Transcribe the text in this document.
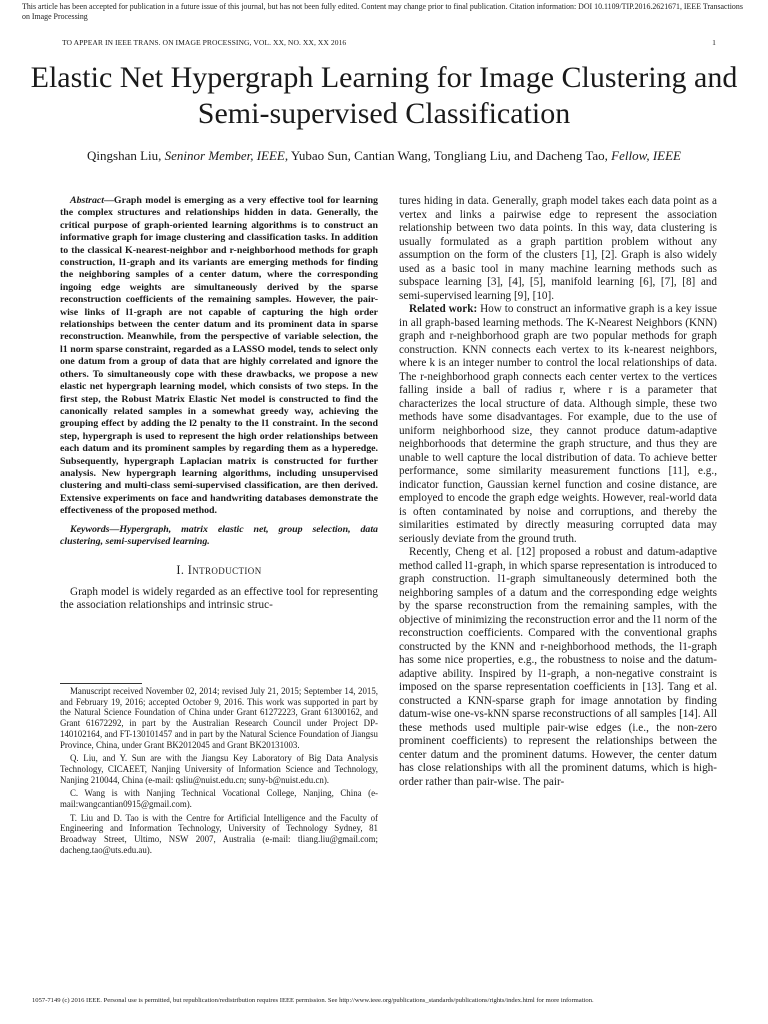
This article has been accepted for publication in a future issue of this journal, but has not been fully edited. Content may change prior to final publication. Citation information: DOI 10.1109/TIP.2016.2621671, IEEE Transactions on Image Processing
TO APPEAR IN IEEE TRANS. ON IMAGE PROCESSING, VOL. XX, NO. XX, XX 2016	1
Elastic Net Hypergraph Learning for Image Clustering and Semi-supervised Classification
Qingshan Liu, Seninor Member, IEEE, Yubao Sun, Cantian Wang, Tongliang Liu, and Dacheng Tao, Fellow, IEEE

Abstract—Graph model is emerging as a very effective tool for learning the complex structures and relationships hidden in data. Generally, the critical purpose of graph-oriented learning algorithms is to construct an informative graph for image clustering and classification tasks. In addition to the classical K-nearest-neighbor and r-neighborhood methods for graph construction, l1-graph and its variants are emerging methods for finding the neighboring samples of a center datum, where the corresponding ingoing edge weights are simultaneously derived by the sparse reconstruction coefficients of the remaining samples. However, the pair-wise links of l1-graph are not capable of capturing the high order relationships between the center datum and its prominent data in sparse reconstruction. Meanwhile, from the perspective of variable selection, the l1 norm sparse constraint, regarded as a LASSO model, tends to select only one datum from a group of data that are highly correlated and ignore the others. To simultaneously cope with these drawbacks, we propose a new elastic net hypergraph learning model, which consists of two steps. In the first step, the Robust Matrix Elastic Net model is constructed to find the canonically related samples in a somewhat greedy way, achieving the grouping effect by adding the l2 penalty to the l1 constraint. In the second step, hypergraph is used to represent the high order relationships between each datum and its prominent samples by regarding them as a hyperedge. Subsequently, hypergraph Laplacian matrix is constructed for further analysis. New hypergraph learning algorithms, including unsupervised clustering and multi-class semi-supervised classification, are then derived. Extensive experiments on face and handwriting databases demonstrate the effectiveness of the proposed method.

Keywords—Hypergraph, matrix elastic net, group selection, data clustering, semi-supervised learning.

I. Introduction

Graph model is widely regarded as an effective tool for representing the association relationships and intrinsic struc-

Manuscript received November 02, 2014; revised July 21, 2015; September 14, 2015, and February 19, 2016; accepted October 9, 2016. This work was supported in part by the Natural Science Foundation of China under Grant 61272223, Grant 61300162, and Grant 61672292, in part by the Australian Research Council under Project DP-140102164, and FT-130101457 and in part by the Natural Science Foundation of Jiangsu Province, China, under Grant BK2012045 and Grant BK20131003.

Q. Liu, and Y. Sun are with the Jiangsu Key Laboratory of Big Data Analysis Technology, CICAEET, Nanjing University of Information Science and Technology, Nanjing 210044, China (e-mail: qsliu@nuist.edu.cn; suny-b@nuist.edu.cn).

C. Wang is with Nanjing Technical Vocational College, Nanjing, China (e-mail:wangcantian0915@gmail.com).

T. Liu and D. Tao is with the Centre for Artificial Intelligence and the Faculty of Engineering and Information Technology, University of Technology Sydney, 81 Broadway Street, Ultimo, NSW 2007, Australia (e-mail: tliang.liu@gmail.com; dacheng.tao@uts.edu.au).

tures hiding in data. Generally, graph model takes each data point as a vertex and links a pairwise edge to represent the association relationship between two data points. In this way, data clustering is usually formulated as a graph partition problem without any assumption on the form of the clusters [1], [2]. Graph is also widely used as a basic tool in many machine learning methods such as subspace learning [3], [4], [5], manifold learning [6], [7], [8] and semi-supervised learning [9], [10].

Related work: How to construct an informative graph is a key issue in all graph-based learning methods. The K-Nearest Neighbors (KNN) graph and r-neighborhood graph are two popular methods for graph construction. KNN connects each vertex to its k-nearest neighbors, where k is an integer number to control the local relationships of data. The r-neighborhood graph connects each center vertex to the vertices falling inside a ball of radius r, where r is a parameter that characterizes the local structure of data. Although simple, these two methods have some disadvantages. For example, due to the use of uniform neighborhood size, they cannot produce datum-adaptive neighborhoods that determine the graph structure, and thus they are unable to well capture the local distribution of data. To achieve better performance, some similarity measurement functions [11], e.g., indicator function, Gaussian kernel function and cosine distance, are employed to encode the graph edge weights. However, real-world data is often contaminated by noise and corruptions, and thereby the similarities estimated by directly measuring corrupted data may seriously deviate from the ground truth.

Recently, Cheng et al. [12] proposed a robust and datum-adaptive method called l1-graph, in which sparse representation is introduced to graph construction. l1-graph simultaneously determined both the neighboring samples of a datum and the corresponding edge weights by the sparse reconstruction from the remaining samples, with the objective of minimizing the reconstruction error and the l1 norm of the reconstruction coefficients. Compared with the conventional graphs constructed by the KNN and r-neighborhood methods, the l1-graph has some nice properties, e.g., the robustness to noise and the datum-adaptive ability. Inspired by l1-graph, a non-negative constraint is imposed on the sparse representation coefficients in [13]. Tang et al. constructed a KNN-sparse graph for image annotation by finding datum-wise one-vs-kNN sparse reconstructions of all samples [14]. All these methods used multiple pair-wise edges (i.e., the non-zero prominent coefficients) to represent the relationships between the center datum and the prominent datums. However, the center datum has close relationships with all the prominent datums, which is high-order rather than pair-wise. The pair-

1057-7149 (c) 2016 IEEE. Personal use is permitted, but republication/redistribution requires IEEE permission. See http://www.ieee.org/publications_standards/publications/rights/index.html for more information.
